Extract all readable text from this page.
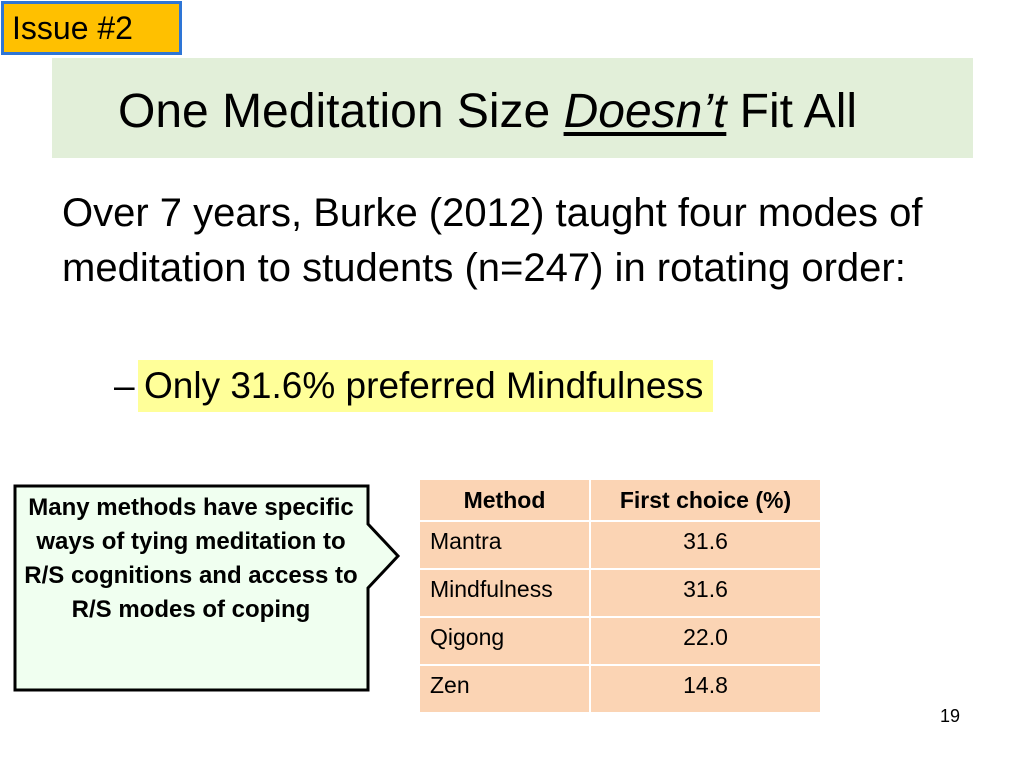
Issue #2
One Meditation Size Doesn’t Fit All
Over 7 years, Burke (2012) taught four modes of meditation to students (n=247) in rotating order:
– Only 31.6% preferred Mindfulness
Many methods have specific ways of tying meditation to R/S cognitions and access to R/S modes of coping
Method	First choice (%)
Mantra	31.6
Mindfulness	31.6
Qigong	22.0
Zen	14.8
19
